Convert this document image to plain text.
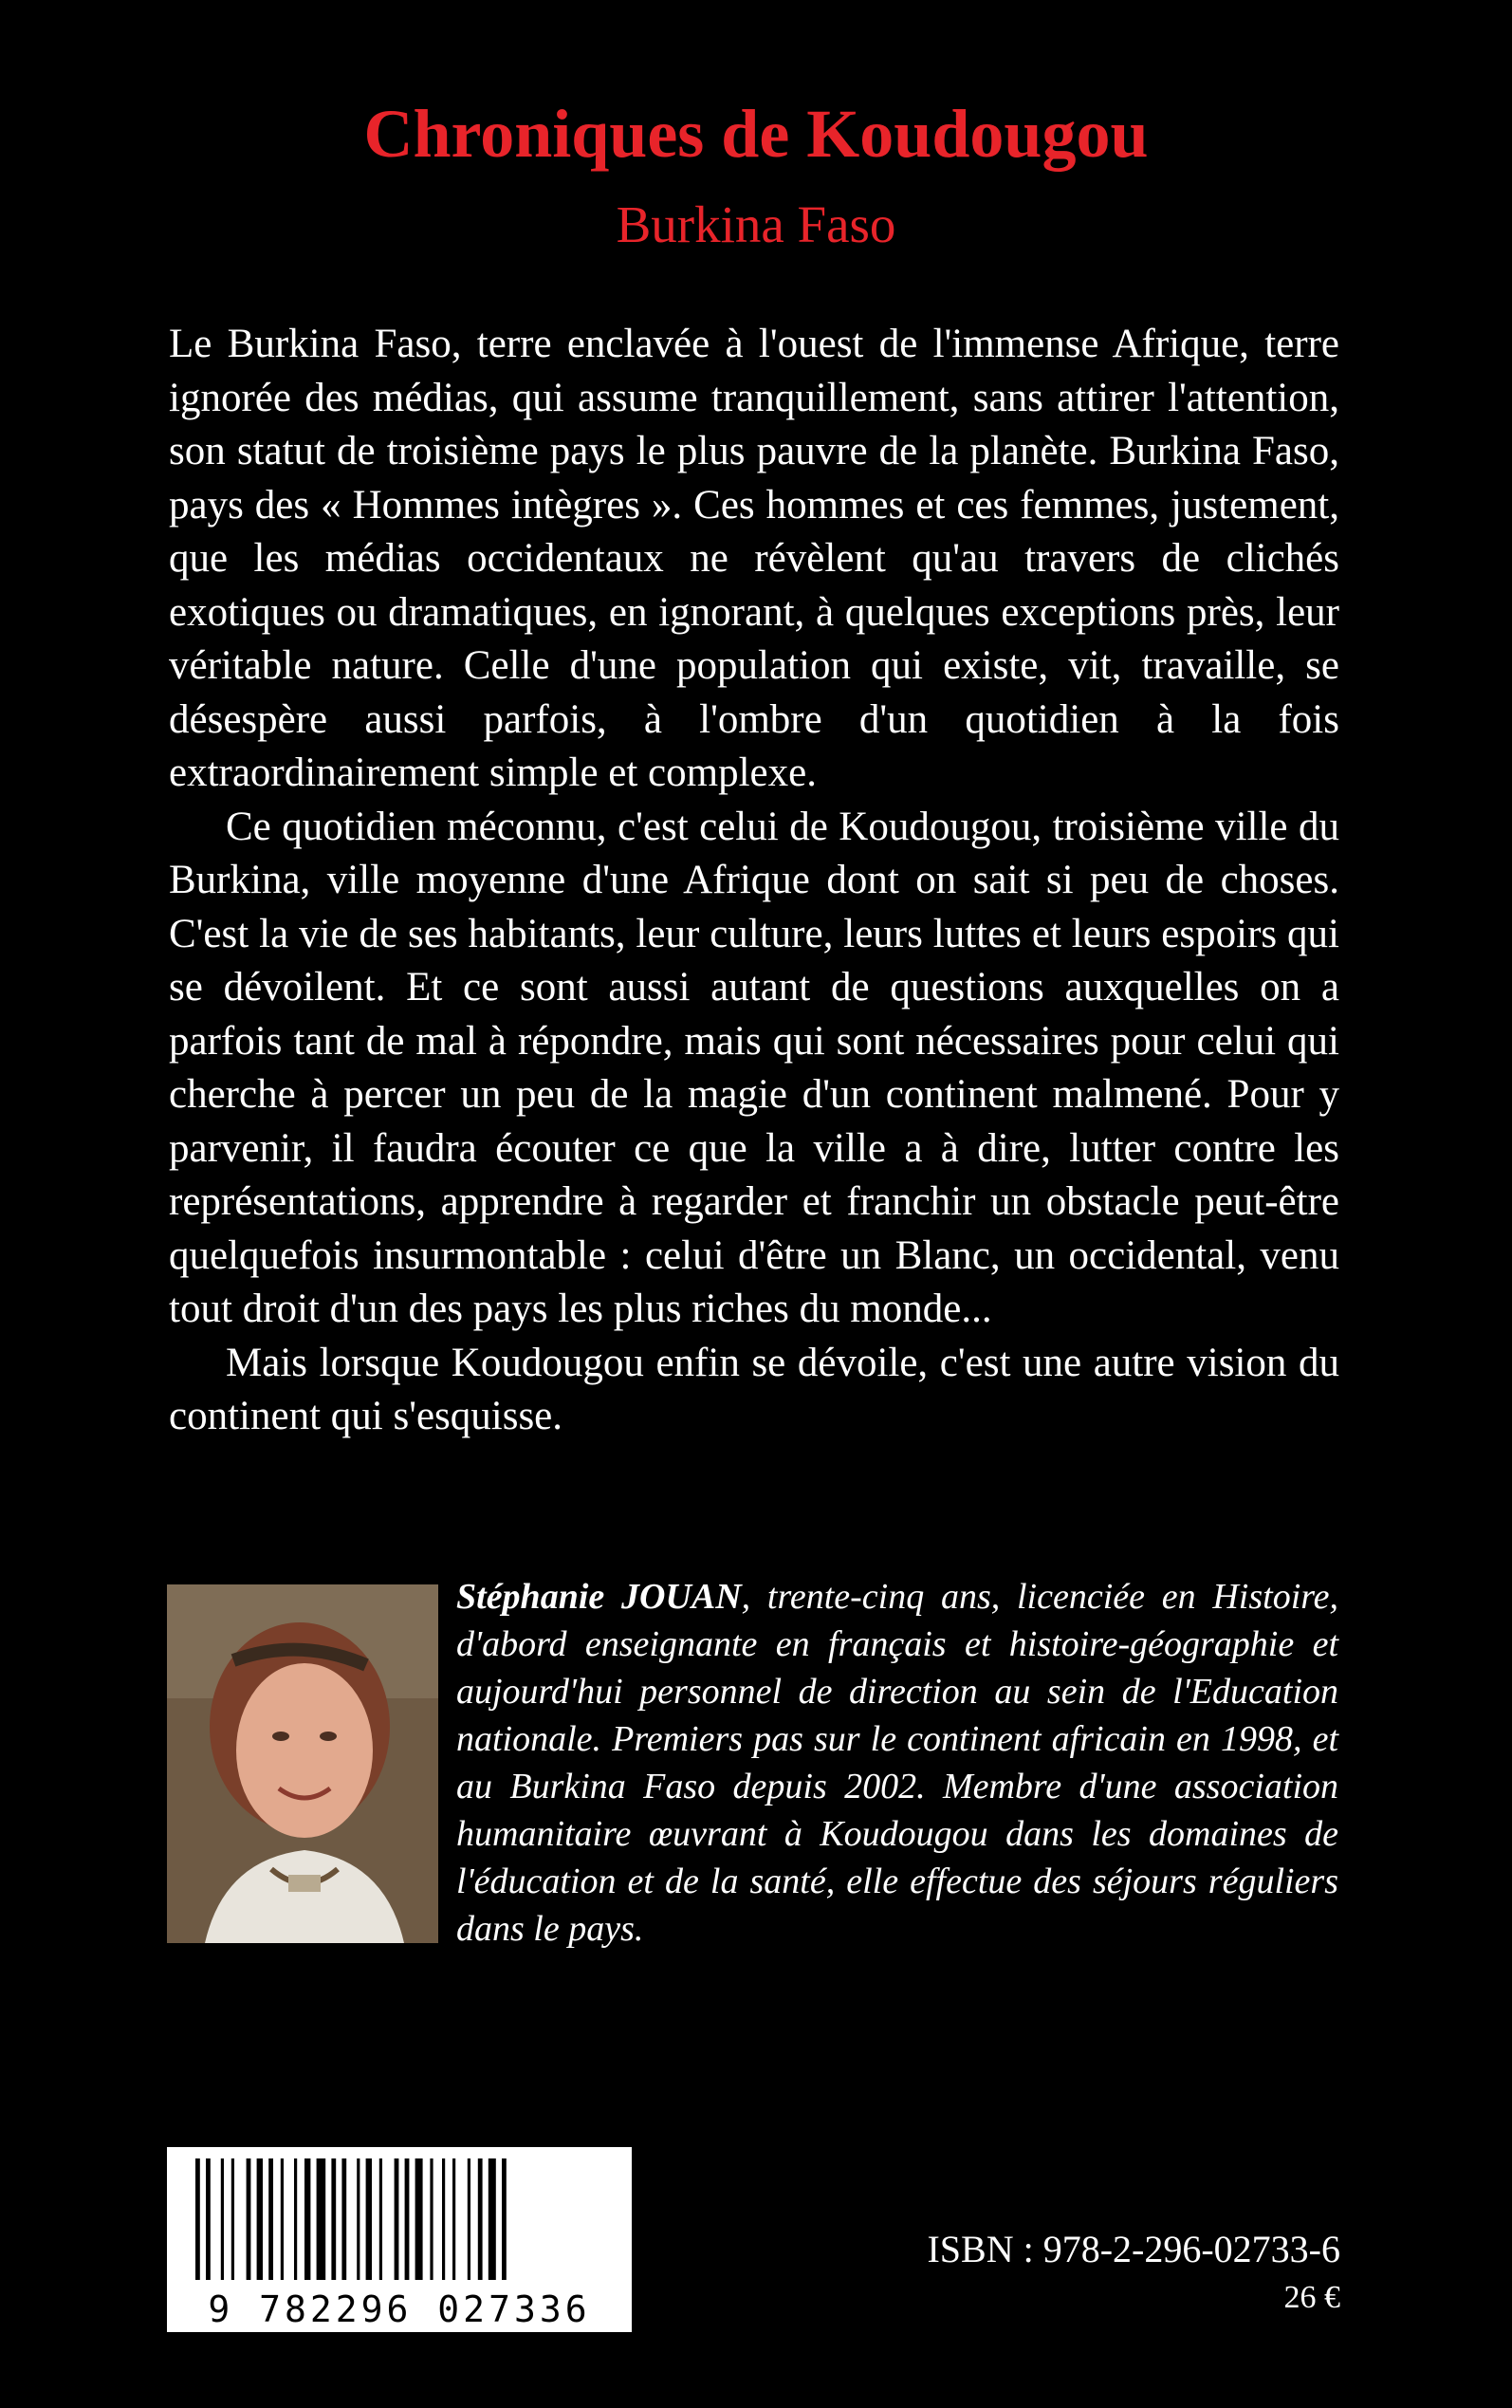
Chroniques de Koudougou
Burkina Faso

Le Burkina Faso, terre enclavée à l'ouest de l'immense Afrique, terre ignorée des médias, qui assume tranquillement, sans attirer l'attention, son statut de troisième pays le plus pauvre de la planète. Burkina Faso, pays des « Hommes intègres ». Ces hommes et ces femmes, justement, que les médias occidentaux ne révèlent qu'au travers de clichés exotiques ou dramatiques, en ignorant, à quelques exceptions près, leur véritable nature. Celle d'une population qui existe, vit, travaille, se désespère aussi parfois, à l'ombre d'un quotidien à la fois extraordinairement simple et complexe.

Ce quotidien méconnu, c'est celui de Koudougou, troisième ville du Burkina, ville moyenne d'une Afrique dont on sait si peu de choses. C'est la vie de ses habitants, leur culture, leurs luttes et leurs espoirs qui se dévoilent. Et ce sont aussi autant de questions auxquelles on a parfois tant de mal à répondre, mais qui sont nécessaires pour celui qui cherche à percer un peu de la magie d'un continent malmené. Pour y parvenir, il faudra écouter ce que la ville a à dire, lutter contre les représentations, apprendre à regarder et franchir un obstacle peut-être quelquefois insurmontable : celui d'être un Blanc, un occidental, venu tout droit d'un des pays les plus riches du monde...

Mais lorsque Koudougou enfin se dévoile, c'est une autre vision du continent qui s'esquisse.

Stéphanie JOUAN, trente-cinq ans, licenciée en Histoire, d'abord enseignante en français et histoire-géographie et aujourd'hui personnel de direction au sein de l'Education nationale. Premiers pas sur le continent africain en 1998, et au Burkina Faso depuis 2002. Membre d'une association humanitaire œuvrant à Koudougou dans les domaines de l'éducation et de la santé, elle effectue des séjours réguliers dans le pays.
9 782296 027336
ISBN : 978-2-296-02733-6
26 €
